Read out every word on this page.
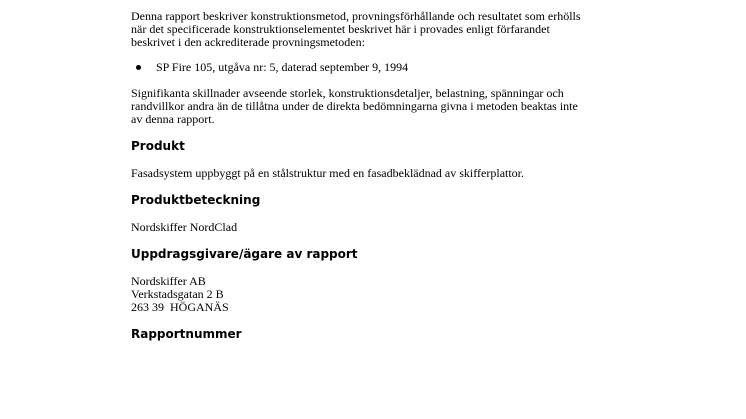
Denna rapport beskriver konstruktionsmetod, provningsförhållande och resultatet som erhölls
när det specificerade konstruktionselementet beskrivet här i provades enligt förfarandet
beskrivet i den ackrediterade provningsmetoden:

SP Fire 105, utgåva nr: 5, daterad september 9, 1994

Signifikanta skillnader avseende storlek, konstruktionsdetaljer, belastning, spänningar och
randvillkor andra än de tillåtna under de direkta bedömningarna givna i metoden beaktas inte
av denna rapport.

Produkt

Fasadsystem uppbyggt på en stålstruktur med en fasadbeklädnad av skifferplattor.

Produktbeteckning

Nordskiffer NordClad

Uppdragsgivare/ägare av rapport
Nordskiffer AB
Verkstadsgatan 2 B
263 39  HÖGANÄS
Rapportnummer
